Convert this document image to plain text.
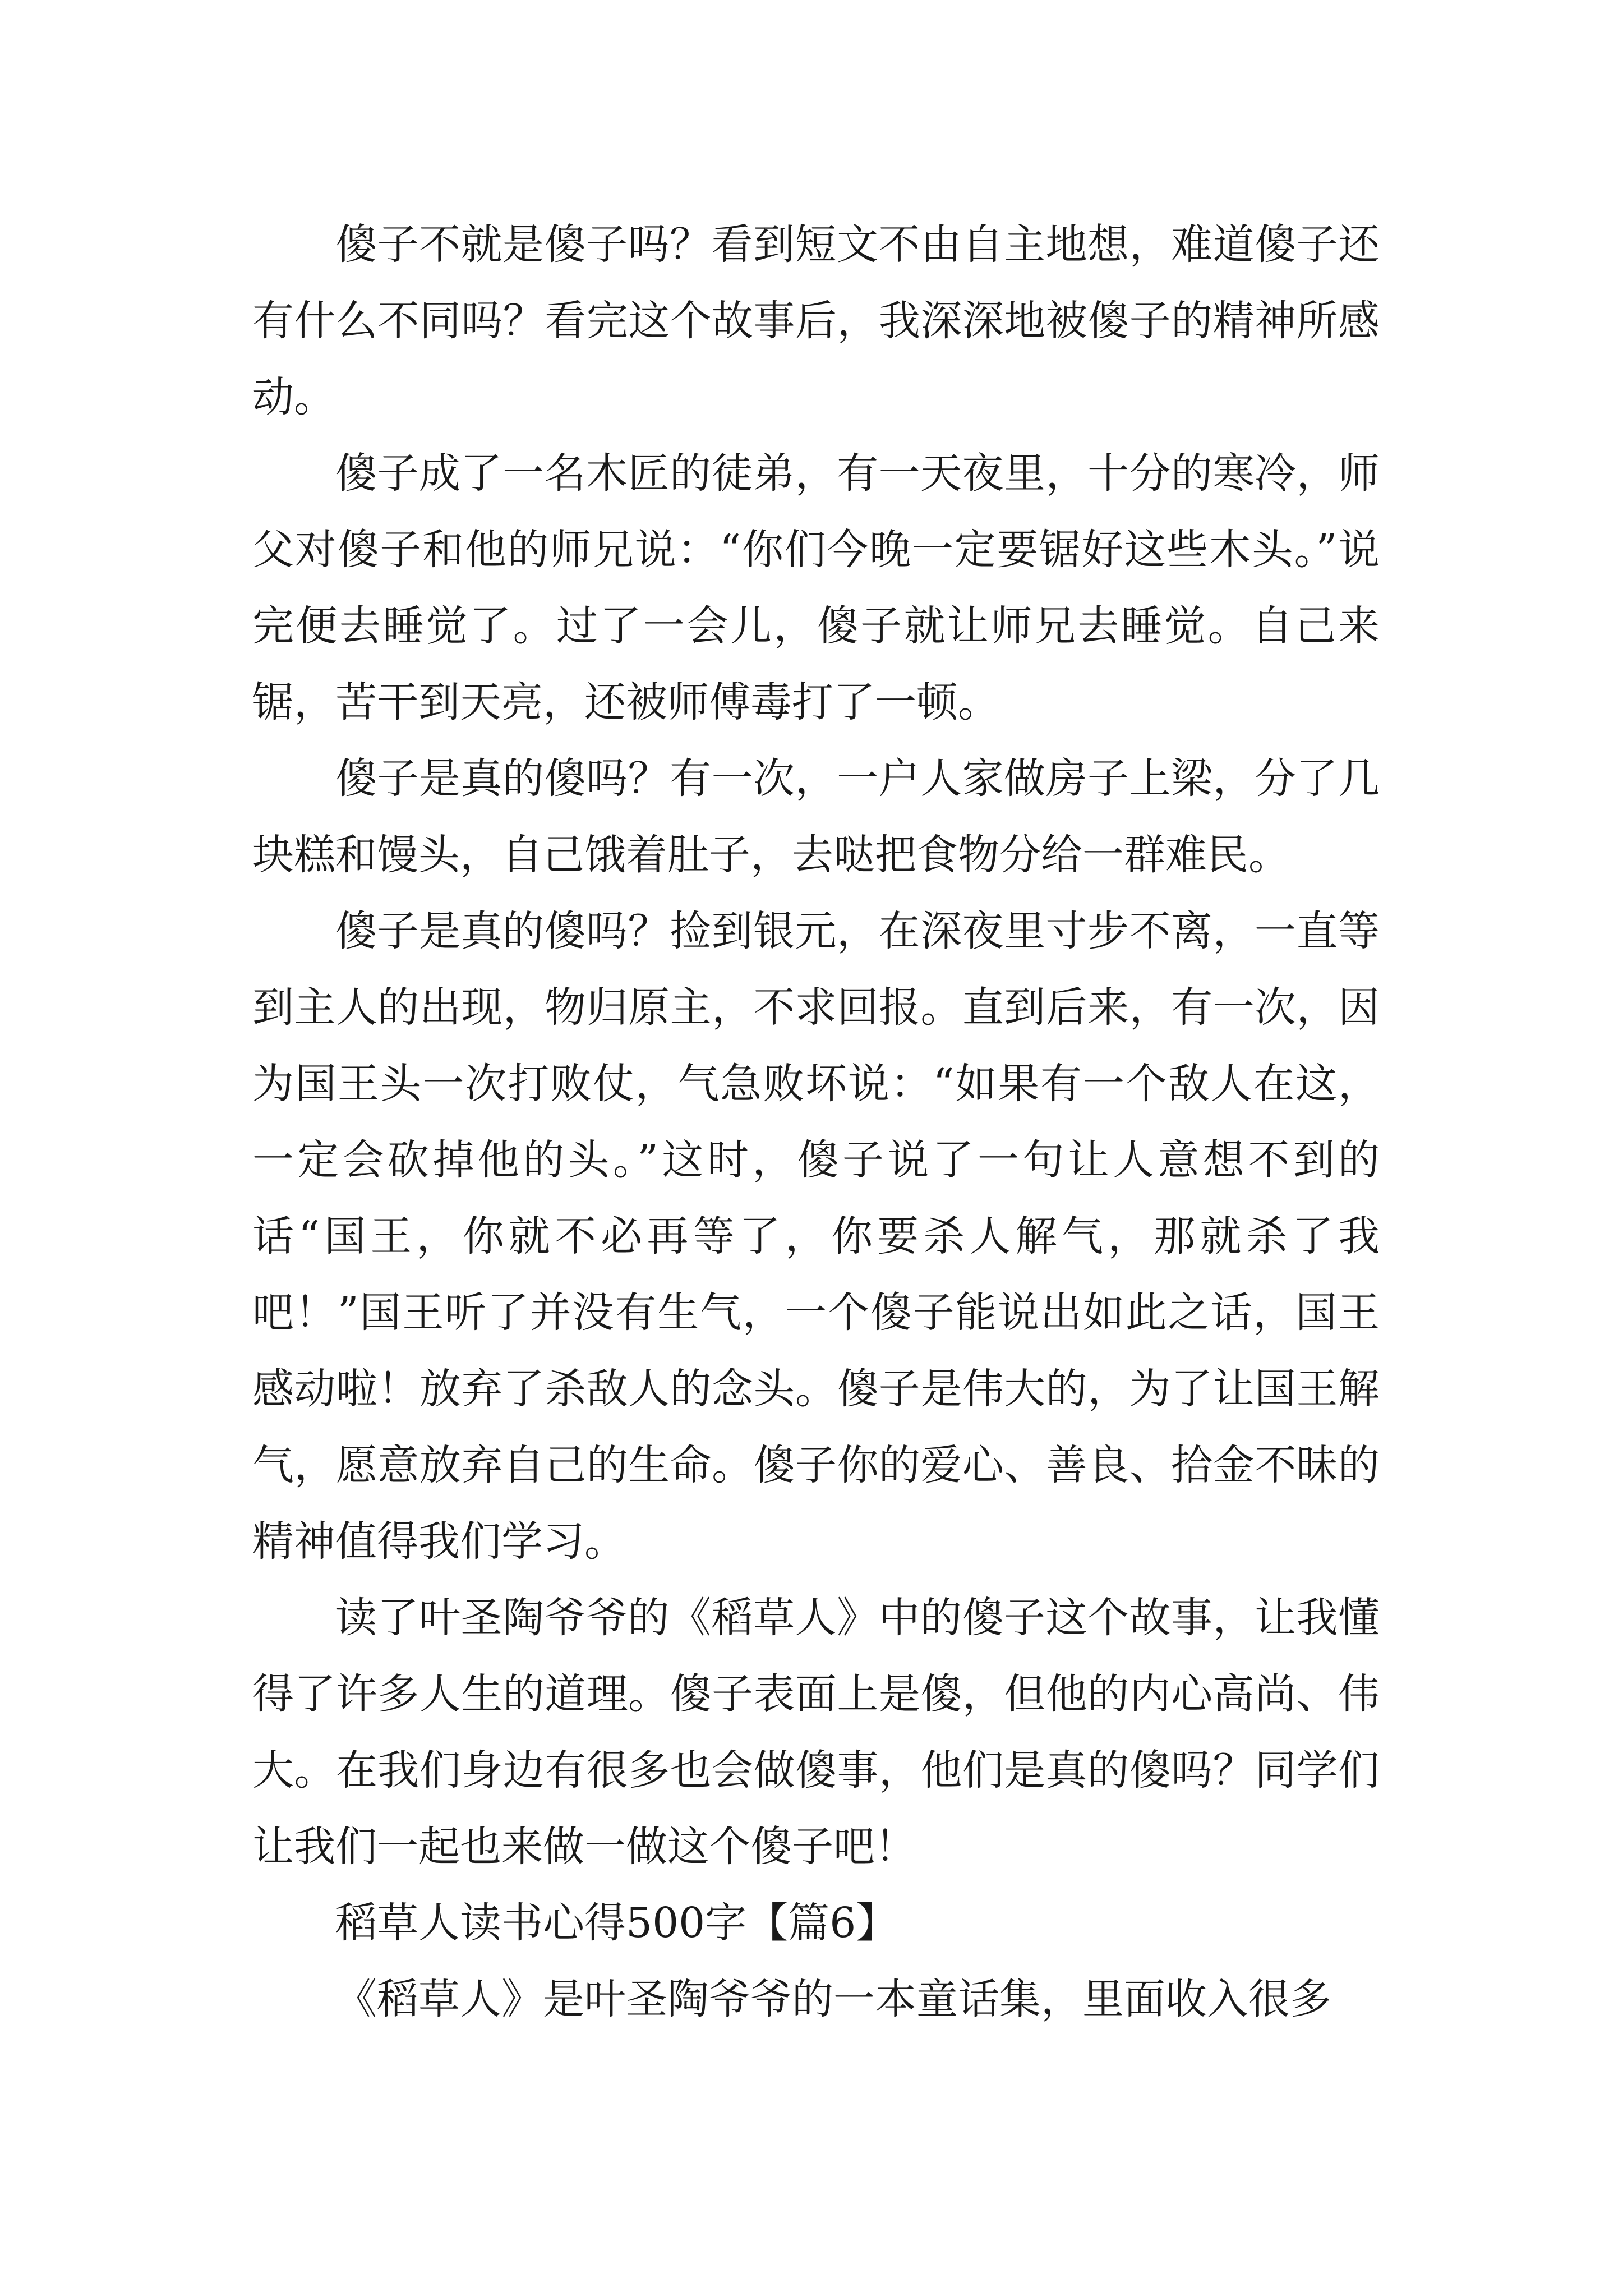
傻子不就是傻子吗？看到短文不由自主地想，难道傻子还有什么不同吗？看完这个故事后，我深深地被傻子的精神所感动。

傻子成了一名木匠的徒弟，有一天夜里，十分的寒冷，师父对傻子和他的师兄说：“你们今晚一定要锯好这些木头。”说完便去睡觉了。过了一会儿，傻子就让师兄去睡觉。自己来锯，苦干到天亮，还被师傅毒打了一顿。

傻子是真的傻吗？有一次，一户人家做房子上梁，分了几块糕和馒头，自己饿着肚子，去哒把食物分给一群难民。

傻子是真的傻吗？捡到银元，在深夜里寸步不离，一直等到主人的出现，物归原主，不求回报。直到后来，有一次，因为国王头一次打败仗，气急败坏说：“如果有一个敌人在这，一定会砍掉他的头。”这时，傻子说了一句让人意想不到的话“国王，你就不必再等了，你要杀人解气，那就杀了我吧！”国王听了并没有生气，一个傻子能说出如此之话，国王感动啦！放弃了杀敌人的念头。傻子是伟大的，为了让国王解气，愿意放弃自己的生命。傻子你的爱心、善良、拾金不昧的精神值得我们学习。

读了叶圣陶爷爷的《稻草人》中的傻子这个故事，让我懂得了许多人生的道理。傻子表面上是傻，但他的内心高尚、伟大。在我们身边有很多也会做傻事，他们是真的傻吗？同学们让我们一起也来做一做这个傻子吧！

稻草人读书心得500字【篇6】

《稻草人》是叶圣陶爷爷的一本童话集，里面收入很多
